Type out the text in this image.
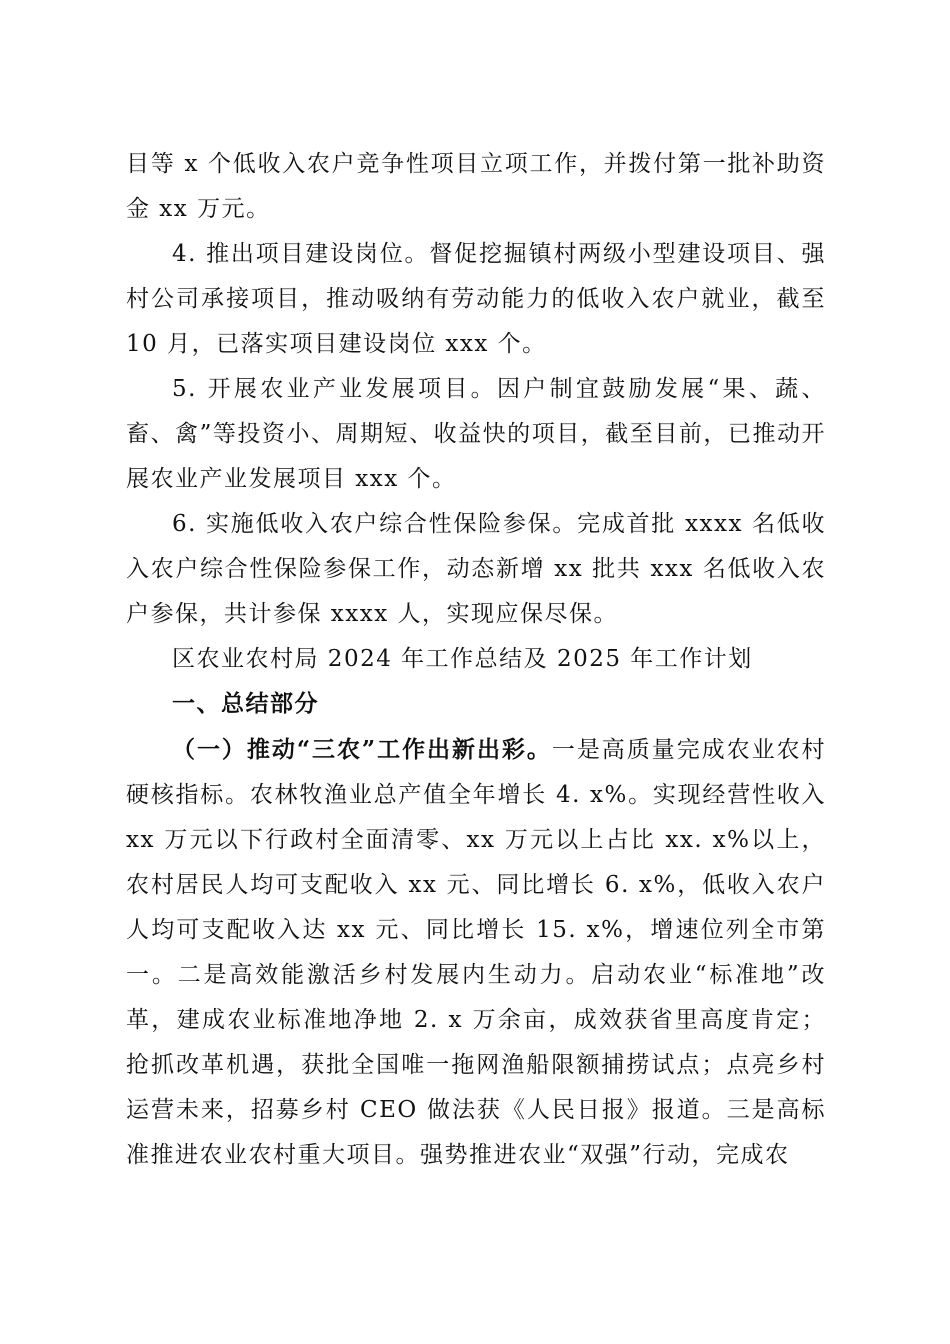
目等 x 个低收入农户竞争性项目立项工作，并拨付第一批补助资金 xx 万元。

4. 推出项目建设岗位。督促挖掘镇村两级小型建设项目、强村公司承接项目，推动吸纳有劳动能力的低收入农户就业，截至 10 月，已落实项目建设岗位 xxx 个。

5. 开展农业产业发展项目。因户制宜鼓励发展“果、蔬、畜、禽”等投资小、周期短、收益快的项目，截至目前，已推动开展农业产业发展项目 xxx 个。

6. 实施低收入农户综合性保险参保。完成首批 xxxx 名低收入农户综合性保险参保工作，动态新增 xx 批共 xxx 名低收入农户参保，共计参保 xxxx 人，实现应保尽保。

区农业农村局 2024 年工作总结及 2025 年工作计划

一、总结部分

（一）推动“三农”工作出新出彩。一是高质量完成农业农村硬核指标。农林牧渔业总产值全年增长 4. x%。实现经营性收入 xx 万元以下行政村全面清零、xx 万元以上占比 xx. x%以上，农村居民人均可支配收入 xx 元、同比增长 6. x%，低收入农户人均可支配收入达 xx 元、同比增长 15. x%，增速位列全市第一。二是高效能激活乡村发展内生动力。启动农业“标准地”改革，建成农业标准地净地 2. x 万余亩，成效获省里高度肯定；抢抓改革机遇，获批全国唯一拖网渔船限额捕捞试点；点亮乡村运营未来，招募乡村 CEO 做法获《人民日报》报道。三是高标准推进农业农村重大项目。强势推进农业“双强”行动，完成农
